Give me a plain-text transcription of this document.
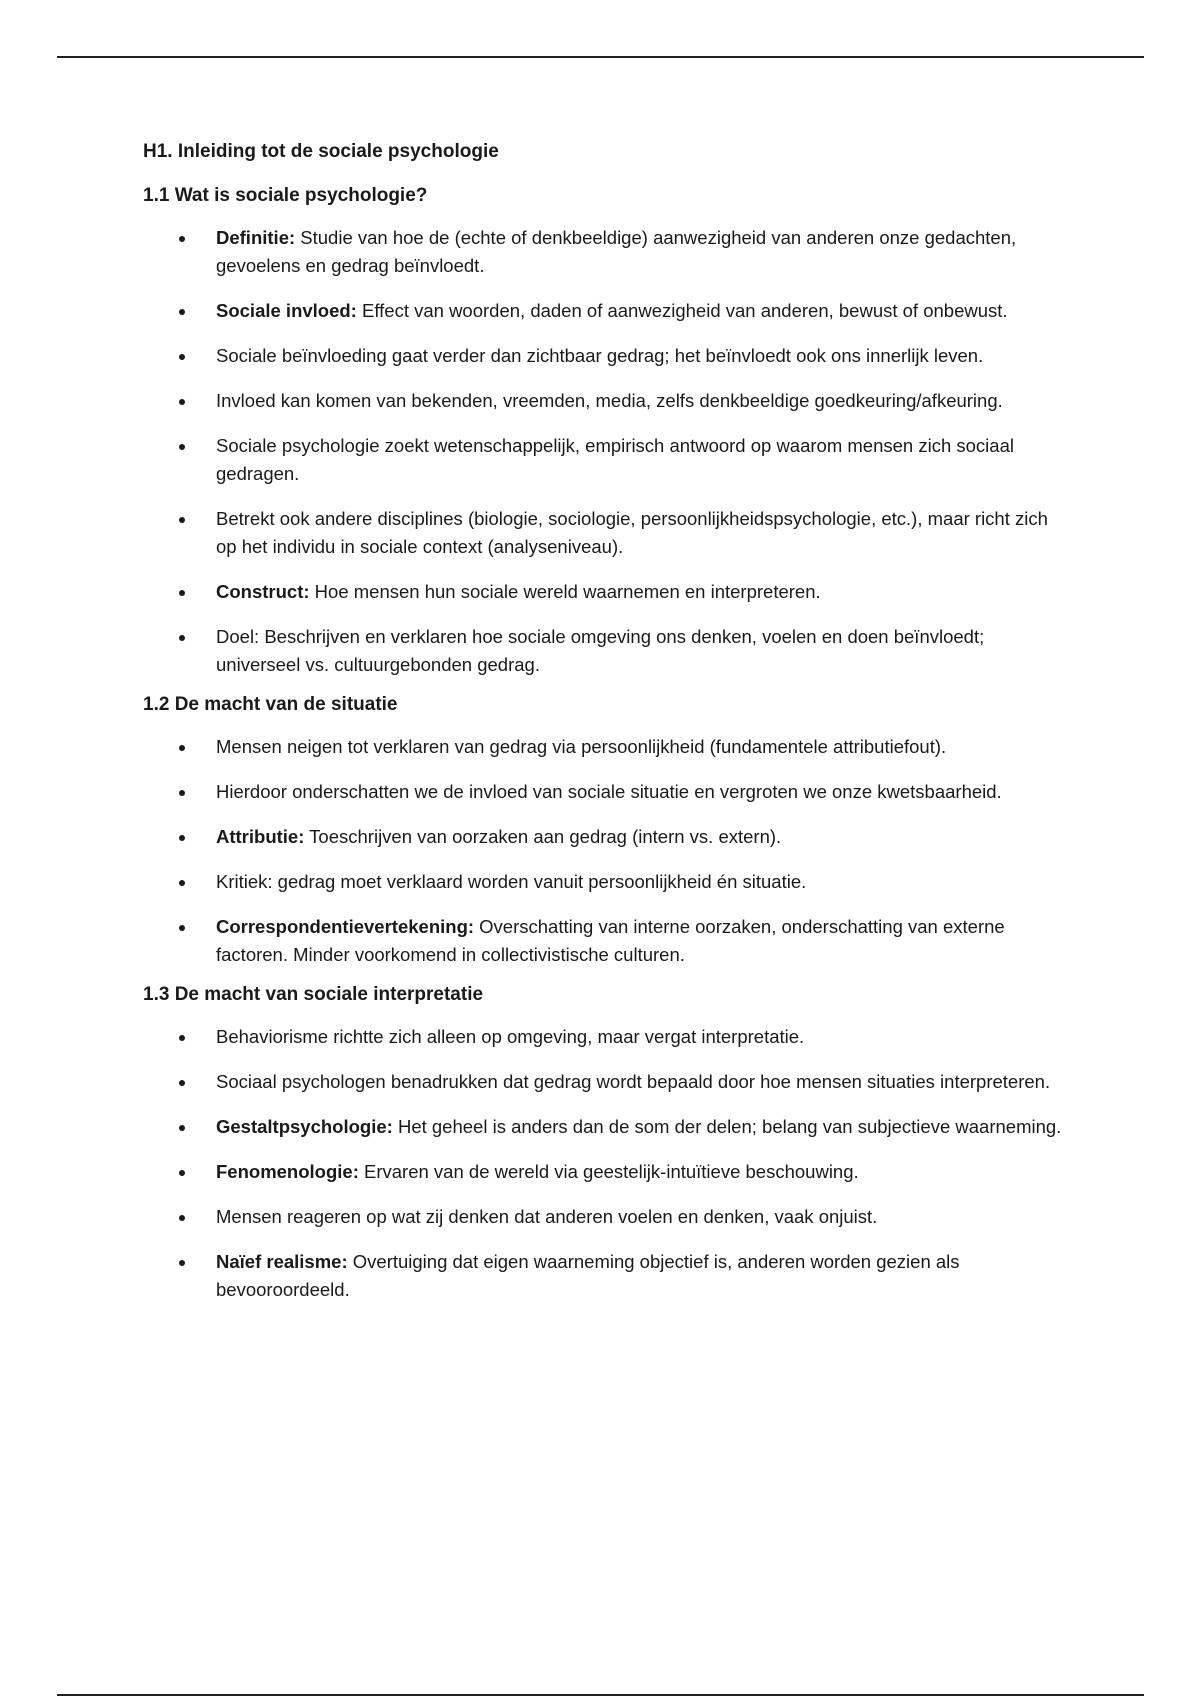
H1. Inleiding tot de sociale psychologie
1.1 Wat is sociale psychologie?
Definitie: Studie van hoe de (echte of denkbeeldige) aanwezigheid van anderen onze gedachten, gevoelens en gedrag beïnvloedt.
Sociale invloed: Effect van woorden, daden of aanwezigheid van anderen, bewust of onbewust.
Sociale beïnvloeding gaat verder dan zichtbaar gedrag; het beïnvloedt ook ons innerlijk leven.
Invloed kan komen van bekenden, vreemden, media, zelfs denkbeeldige goedkeuring/afkeuring.
Sociale psychologie zoekt wetenschappelijk, empirisch antwoord op waarom mensen zich sociaal gedragen.
Betrekt ook andere disciplines (biologie, sociologie, persoonlijkheidspsychologie, etc.), maar richt zich op het individu in sociale context (analyseniveau).
Construct: Hoe mensen hun sociale wereld waarnemen en interpreteren.
Doel: Beschrijven en verklaren hoe sociale omgeving ons denken, voelen en doen beïnvloedt; universeel vs. cultuurgebonden gedrag.
1.2 De macht van de situatie
Mensen neigen tot verklaren van gedrag via persoonlijkheid (fundamentele attributiefout).
Hierdoor onderschatten we de invloed van sociale situatie en vergroten we onze kwetsbaarheid.
Attributie: Toeschrijven van oorzaken aan gedrag (intern vs. extern).
Kritiek: gedrag moet verklaard worden vanuit persoonlijkheid én situatie.
Correspondentievertekening: Overschatting van interne oorzaken, onderschatting van externe factoren. Minder voorkomend in collectivistische culturen.
1.3 De macht van sociale interpretatie
Behaviorisme richtte zich alleen op omgeving, maar vergat interpretatie.
Sociaal psychologen benadrukken dat gedrag wordt bepaald door hoe mensen situaties interpreteren.
Gestaltpsychologie: Het geheel is anders dan de som der delen; belang van subjectieve waarneming.
Fenomenologie: Ervaren van de wereld via geestelijk-intuïtieve beschouwing.
Mensen reageren op wat zij denken dat anderen voelen en denken, vaak onjuist.
Naïef realisme: Overtuiging dat eigen waarneming objectief is, anderen worden gezien als bevooroordeeld.
